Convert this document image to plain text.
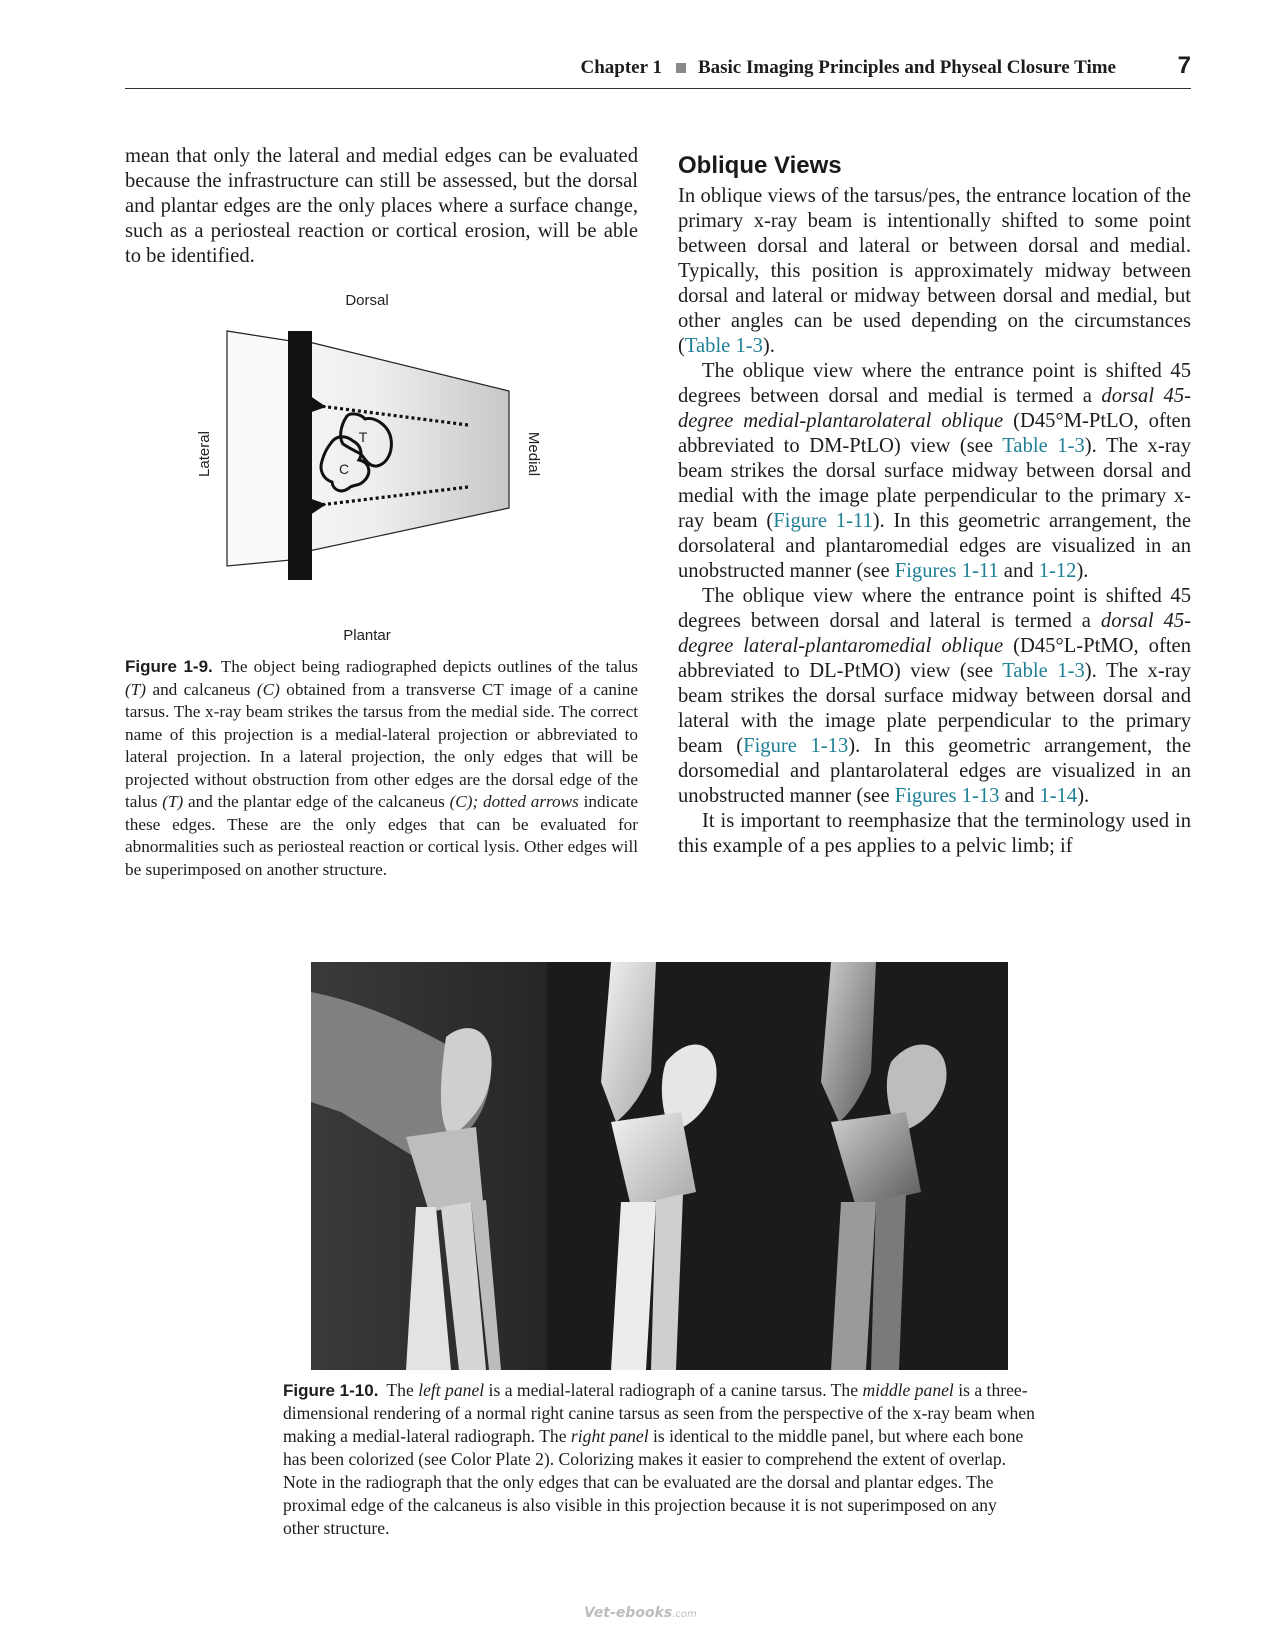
Chapter 1 Basic Imaging Principles and Physeal Closure Time	7

mean that only the lateral and medial edges can be evaluated because the infrastructure can still be assessed, but the dorsal and plantar edges are the only places where a surface change, such as a periosteal reaction or cortical erosion, will be able to be identified.

Dorsal
T
C
Lateral	Medial
Plantar
Figure 1-9. The object being radiographed depicts outlines of the talus (T) and calcaneus (C) obtained from a transverse CT image of a canine tarsus. The x-ray beam strikes the tarsus from the medial side. The correct name of this projection is a medial-lateral projection or abbreviated to lateral projection. In a lateral projection, the only edges that will be projected without obstruction from other edges are the dorsal edge of the talus (T) and the plantar edge of the calcaneus (C); dotted arrows indicate these edges. These are the only edges that can be evaluated for abnormalities such as periosteal reaction or cortical lysis. Other edges will be superimposed on another structure.
Oblique Views

In oblique views of the tarsus/pes, the entrance location of the primary x-ray beam is intentionally shifted to some point between dorsal and lateral or between dorsal and medial. Typically, this position is approximately midway between dorsal and lateral or midway between dorsal and medial, but other angles can be used depending on the circumstances (Table 1-3).

The oblique view where the entrance point is shifted 45 degrees between dorsal and medial is termed a dorsal 45-degree medial-plantarolateral oblique (D45°M-PtLO, often abbreviated to DM-PtLO) view (see Table 1-3). The x-ray beam strikes the dorsal surface midway between dorsal and medial with the image plate perpendicular to the primary x-ray beam (Figure 1-11). In this geometric arrangement, the dorsolateral and plantaromedial edges are visualized in an unobstructed manner (see Figures 1-11 and 1-12).

The oblique view where the entrance point is shifted 45 degrees between dorsal and lateral is termed a dorsal 45-degree lateral-plantaromedial oblique (D45°L-PtMO, often abbreviated to DL-PtMO) view (see Table 1-3). The x-ray beam strikes the dorsal surface midway between dorsal and lateral with the image plate perpendicular to the primary beam (Figure 1-13). In this geometric arrangement, the dorsomedial and plantarolateral edges are visualized in an unobstructed manner (see Figures 1-13 and 1-14).

It is important to reemphasize that the terminology used in this example of a pes applies to a pelvic limb; if

Figure 1-10. The left panel is a medial-lateral radiograph of a canine tarsus. The middle panel is a three-dimensional rendering of a normal right canine tarsus as seen from the perspective of the x-ray beam when making a medial-lateral radiograph. The right panel is identical to the middle panel, but where each bone has been colorized (see Color Plate 2). Colorizing makes it easier to comprehend the extent of overlap. Note in the radiograph that the only edges that can be evaluated are the dorsal and plantar edges. The proximal edge of the calcaneus is also visible in this projection because it is not superimposed on any other structure.
Vet-ebooks.com
